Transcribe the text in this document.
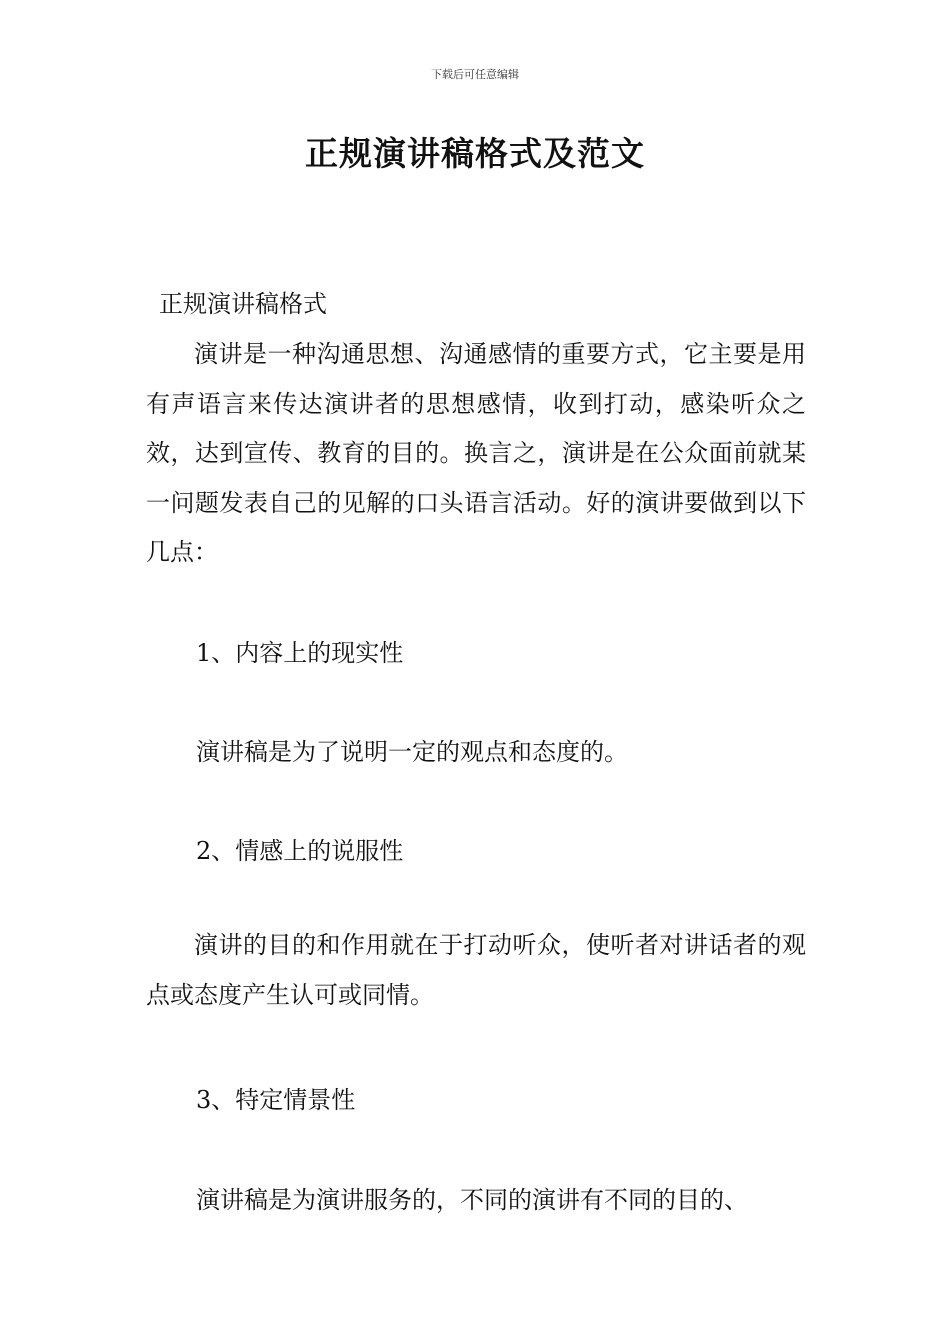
下载后可任意编辑
正规演讲稿格式及范文
正规演讲稿格式
演讲是一种沟通思想、沟通感情的重要方式，它主要是用有声语言来传达演讲者的思想感情，收到打动，感染听众之效，达到宣传、教育的目的。换言之，演讲是在公众面前就某一问题发表自己的见解的口头语言活动。好的演讲要做到以下几点：
1、内容上的现实性
演讲稿是为了说明一定的观点和态度的。
2、情感上的说服性
演讲的目的和作用就在于打动听众，使听者对讲话者的观点或态度产生认可或同情。
3、特定情景性
演讲稿是为演讲服务的，不同的演讲有不同的目的、
